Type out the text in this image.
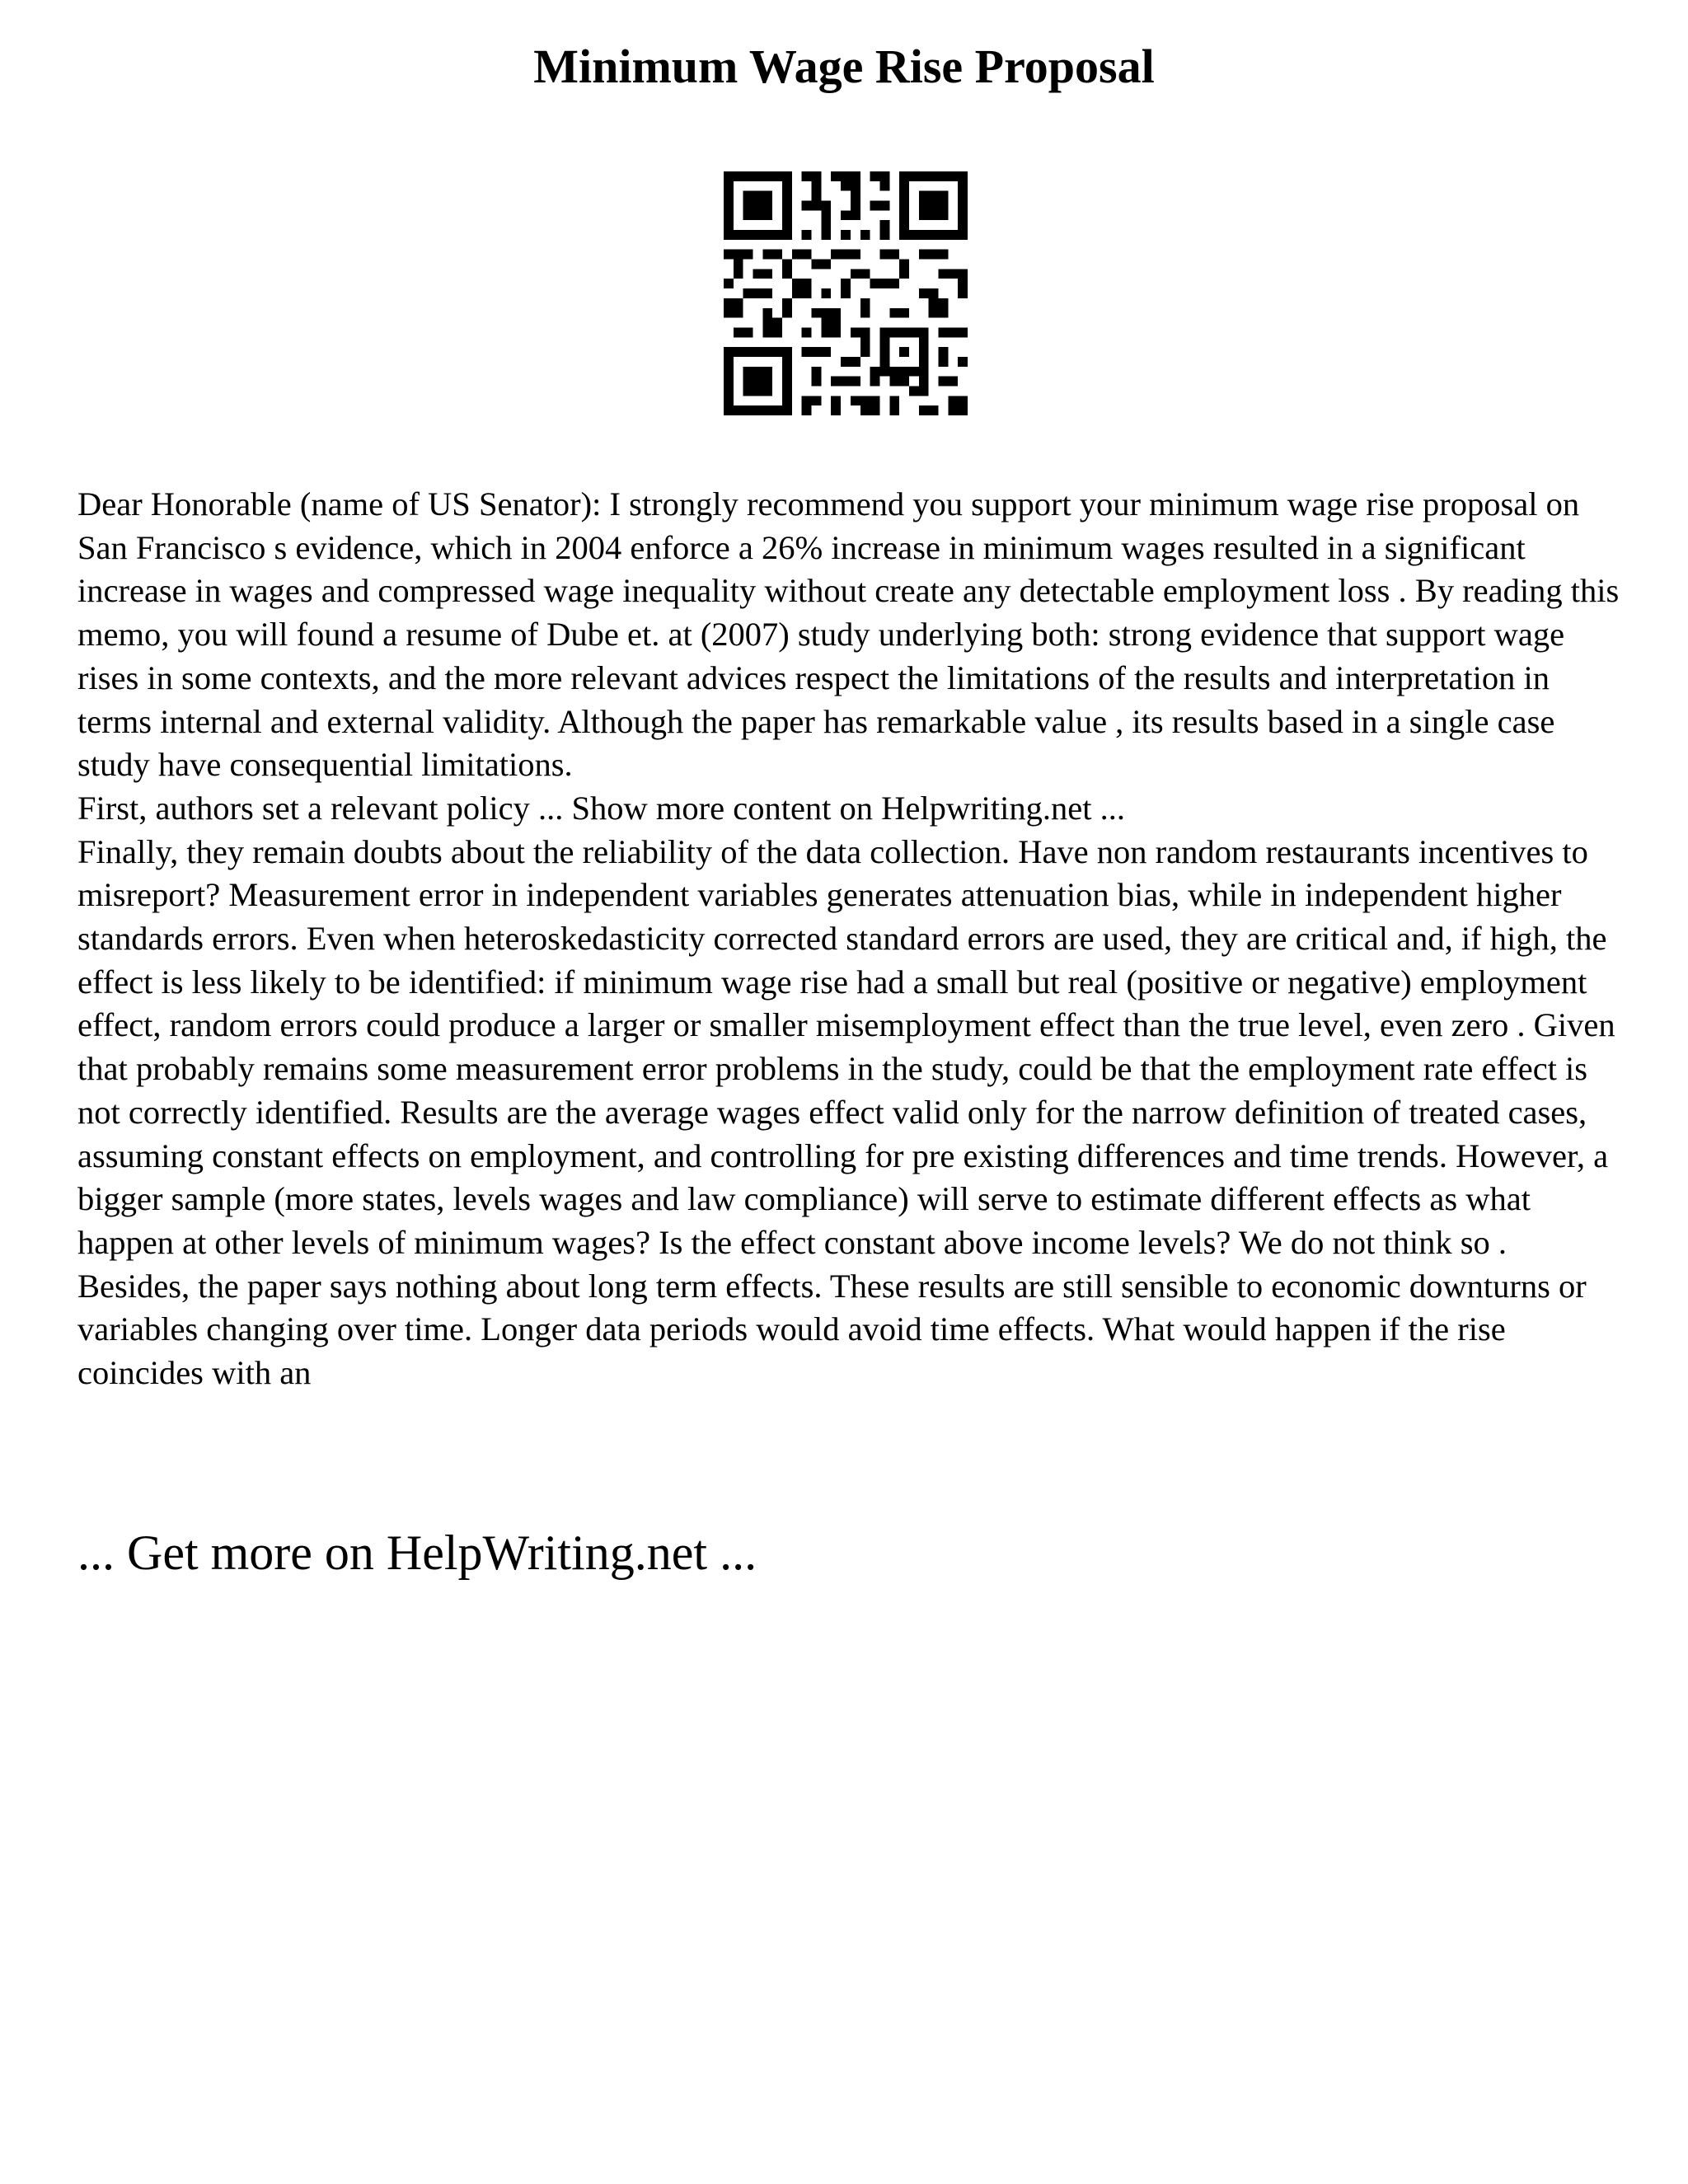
Minimum Wage Rise Proposal

Dear Honorable (name of US Senator): I strongly recommend you support your minimum wage rise proposal on San Francisco s evidence, which in 2004 enforce a 26% increase in minimum wages resulted in a significant increase in wages and compressed wage inequality without create any detectable employment loss . By reading this memo, you will found a resume of Dube et. at (2007) study underlying both: strong evidence that support wage rises in some contexts, and the more relevant advices respect the limitations of the results and interpretation in terms internal and external validity. Although the paper has remarkable value , its results based in a single case study have consequential limitations.

First, authors set a relevant policy ... Show more content on Helpwriting.net ...

Finally, they remain doubts about the reliability of the data collection. Have non random restaurants incentives to misreport? Measurement error in independent variables generates attenuation bias, while in independent higher standards errors. Even when heteroskedasticity corrected standard errors are used, they are critical and, if high, the effect is less likely to be identified: if minimum wage rise had a small but real (positive or negative) employment effect, random errors could produce a larger or smaller misemployment effect than the true level, even zero . Given that probably remains some measurement error problems in the study, could be that the employment rate effect is not correctly identified. Results are the average wages effect valid only for the narrow definition of treated cases, assuming constant effects on employment, and controlling for pre existing differences and time trends. However, a bigger sample (more states, levels wages and law compliance) will serve to estimate different effects as what happen at other levels of minimum wages? Is the effect constant above income levels? We do not think so . Besides, the paper says nothing about long term effects. These results are still sensible to economic downturns or variables changing over time. Longer data periods would avoid time effects. What would happen if the rise coincides with an

... Get more on HelpWriting.net ...
